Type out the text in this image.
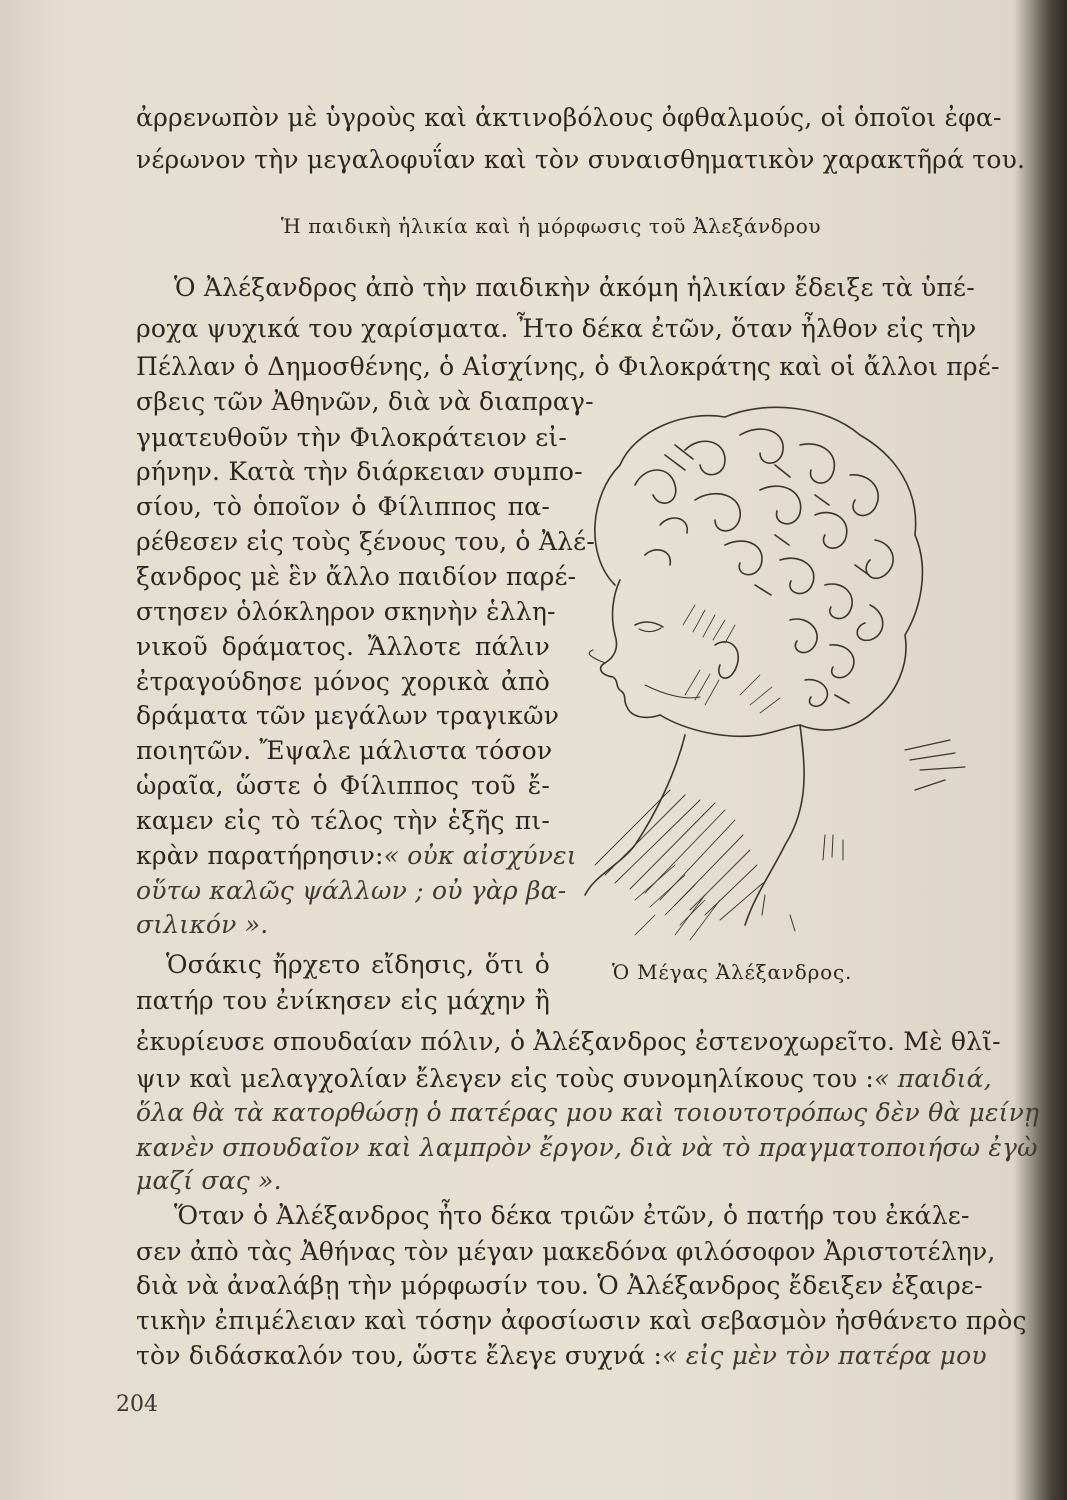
ἀρρενωπὸν μὲ ὑγροὺς καὶ ἀκτινοβόλους ὀφθαλμούς, οἱ ὁποῖοι ἐφα-
νέρωνον τὴν μεγαλοφυΐαν καὶ τὸν συναισθηματικὸν χαρακτῆρά του.
Ἡ παιδικὴ ἡλικία καὶ ἡ μόρφωσις τοῦ Ἀλεξάνδρου
Ὁ Ἀλέξανδρος ἀπὸ τὴν παιδικὴν ἀκόμη ἡλικίαν ἔδειξε τὰ ὑπέ-
ροχα ψυχικά του χαρίσματα. Ἦτο δέκα ἐτῶν, ὅταν ἦλθον εἰς τὴν
Πέλλαν ὁ Δημοσθένης, ὁ Αἰσχίνης, ὁ Φιλοκράτης καὶ οἱ ἄλλοι πρέ-
σβεις τῶν Ἀθηνῶν, διὰ νὰ διαπραγ-
γματευθοῦν τὴν Φιλοκράτειον εἰ-
ρήνην. Κατὰ τὴν διάρκειαν συμπο-
σίου, τὸ ὁποῖον ὁ Φίλιππος πα-
ρέθεσεν εἰς τοὺς ξένους του, ὁ Ἀλέ-
ξανδρος μὲ ἓν ἄλλο παιδίον παρέ-
στησεν ὁλόκληρον σκηνὴν ἑλλη-
νικοῦ δράματος. Ἄλλοτε πάλιν
ἐτραγούδησε μόνος χορικὰ ἀπὸ
δράματα τῶν μεγάλων τραγικῶν
ποιητῶν. Ἔψαλε μάλιστα τόσον
ὡραῖα, ὥστε ὁ Φίλιππος τοῦ ἔ-
καμεν εἰς τὸ τέλος τὴν ἑξῆς πι-
κρὰν παρατήρησιν: « οὐκ αἰσχύνει
οὕτω καλῶς ψάλλων ; οὐ γὰρ βα-
σιλικόν ».
Ὁσάκις ἤρχετο εἴδησις, ὅτι ὁ
πατήρ του ἐνίκησεν εἰς μάχην ἢ
ἐκυρίευσε σπουδαίαν πόλιν, ὁ Ἀλέξανδρος ἐστενοχωρεῖτο. Μὲ θλῖ-
ψιν καὶ μελαγχολίαν ἔλεγεν εἰς τοὺς συνομηλίκους του : « παιδιά,
ὅλα θὰ τὰ κατορθώσῃ ὁ πατέρας μου καὶ τοιουτοτρόπως δὲν θὰ μείνῃ
κανὲν σπουδαῖον καὶ λαμπρὸν ἔργον, διὰ νὰ τὸ πραγματοποιήσω ἐγὼ
μαζί σας ».
Ὅταν ὁ Ἀλέξανδρος ἦτο δέκα τριῶν ἐτῶν, ὁ πατήρ του ἐκάλε-
σεν ἀπὸ τὰς Ἀθήνας τὸν μέγαν μακεδόνα φιλόσοφον Ἀριστοτέλην,
διὰ νὰ ἀναλάβῃ τὴν μόρφωσίν του. Ὁ Ἀλέξανδρος ἔδειξεν ἐξαιρε-
τικὴν ἐπιμέλειαν καὶ τόσην ἀφοσίωσιν καὶ σεβασμὸν ἠσθάνετο πρὸς
τὸν διδάσκαλόν του, ὥστε ἔλεγε συχνά : « εἰς μὲν τὸν πατέρα μου
Ὁ Μέγας Ἀλέξανδρος.
204
